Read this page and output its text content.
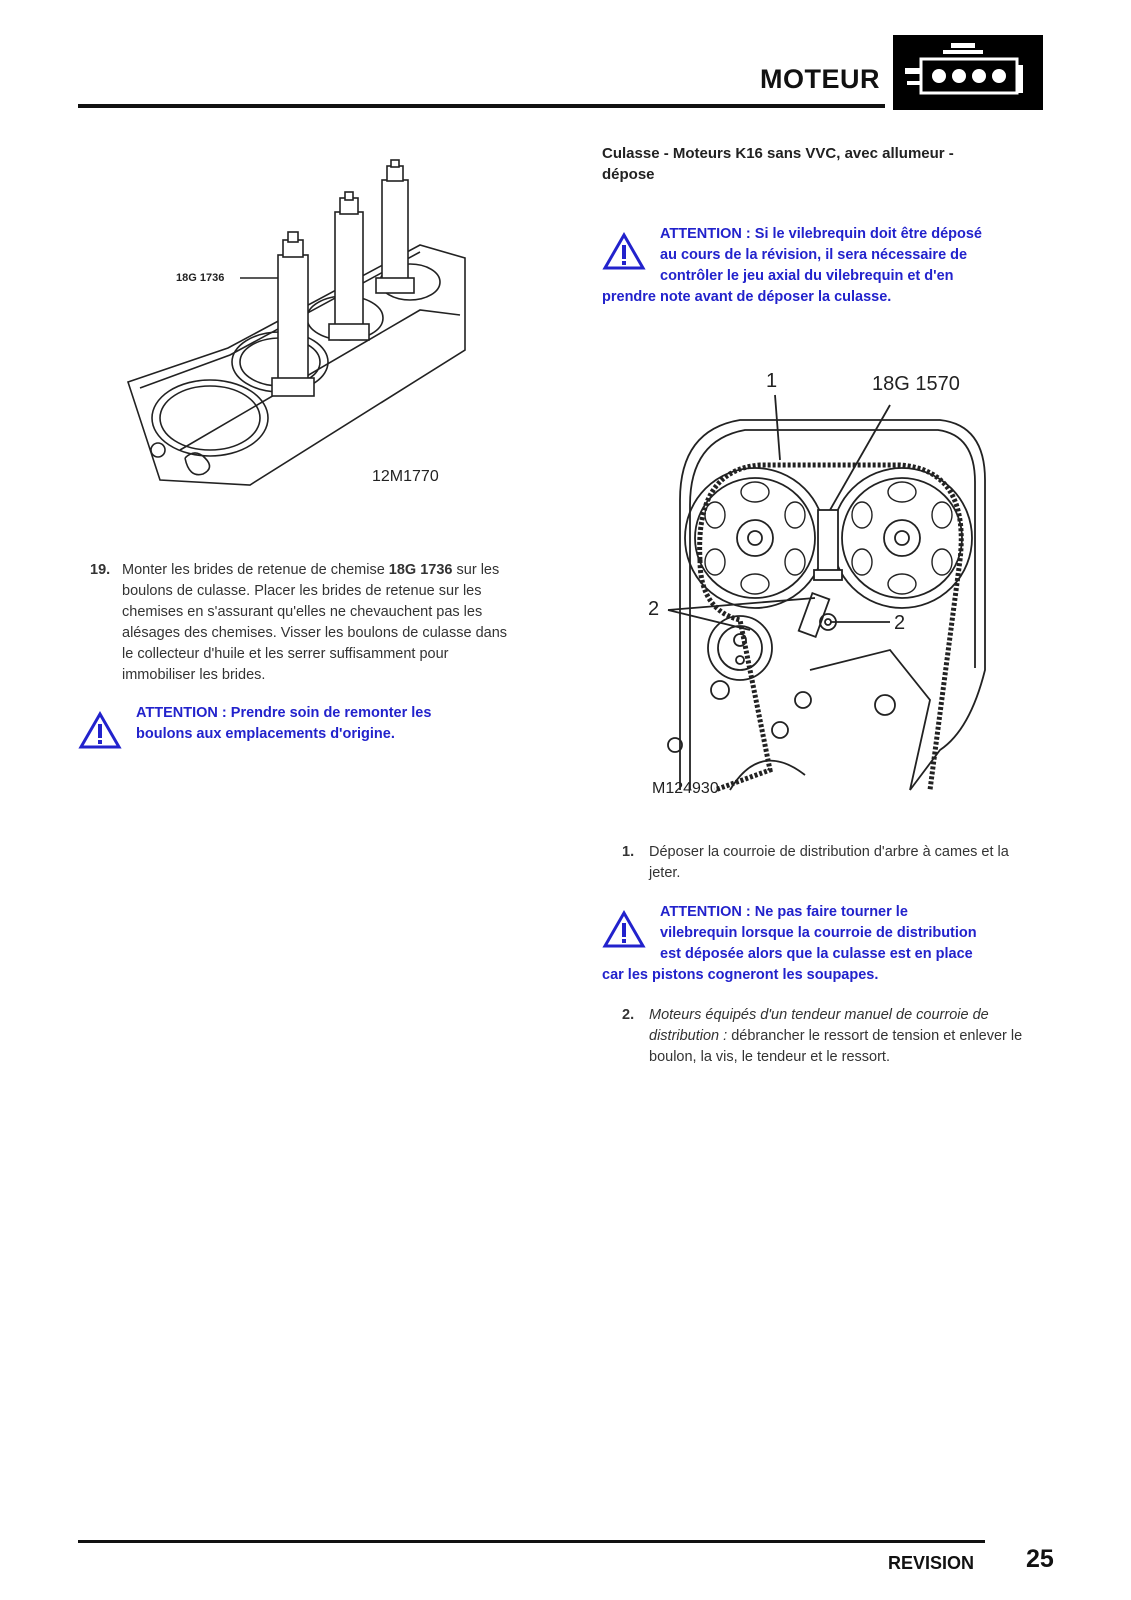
MOTEUR
18G 1736
12M1770
19. Monter les brides de retenue de chemise 18G 1736 sur les boulons de culasse. Placer les brides de retenue sur les chemises en s'assurant qu'elles ne chevauchent pas les alésages des chemises. Visser les boulons de culasse dans le collecteur d'huile et les serrer suffisamment pour immobiliser les brides.
ATTENTION : Prendre soin de remonter les
boulons aux emplacements d'origine.
Culasse - Moteurs K16 sans VVC, avec allumeur -
dépose
ATTENTION : Si le vilebrequin doit être déposé
au cours de la révision, il sera nécessaire de
contrôler le jeu axial du vilebrequin et d'en
prendre note avant de déposer la culasse.
1	18G 1570
2
2
M124930
1. Déposer la courroie de distribution d'arbre à cames et la jeter.
ATTENTION : Ne pas faire tourner le
vilebrequin lorsque la courroie de distribution
est déposée alors que la culasse est en place
car les pistons cogneront les soupapes.
2. Moteurs équipés d'un tendeur manuel de courroie de distribution : débrancher le ressort de tension et enlever le boulon, la vis, le tendeur et le ressort.
REVISION 25
